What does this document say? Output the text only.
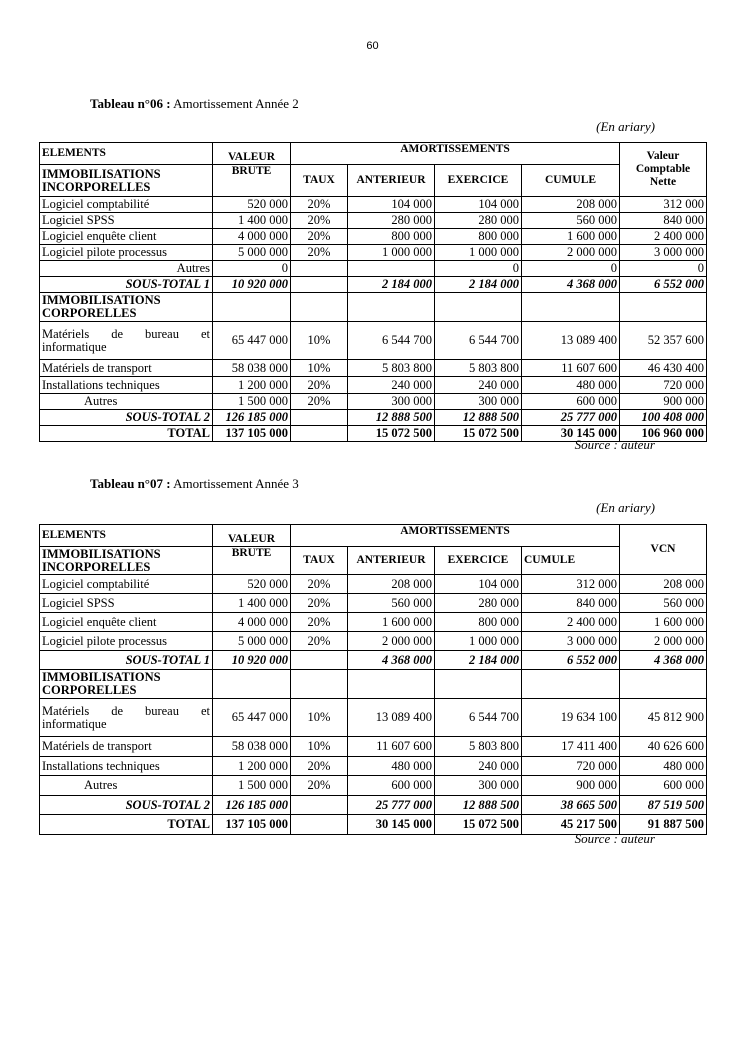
60
Tableau n°06 : Amortissement Année 2
(En ariary)
ELEMENTS	VALEUR	AMORTISSEMENTS				Valeur Comptable Nette
IMMOBILISATIONS INCORPORELLES	BRUTE	TAUX	ANTERIEUR	EXERCICE	CUMULE	
Logiciel comptabilité	520 000	20%	104 000	104 000	208 000	312 000
Logiciel SPSS	1 400 000	20%	280 000	280 000	560 000	840 000
Logiciel enquête client	4 000 000	20%	800 000	800 000	1 600 000	2 400 000
Logiciel pilote processus	5 000 000	20%	1 000 000	1 000 000	2 000 000	3 000 000
Autres	0			0	0	0
SOUS-TOTAL 1	10 920 000		2 184 000	2 184 000	4 368 000	6 552 000
IMMOBILISATIONS CORPORELLES						

Matériels de bureau et informatique	65 447 000	10%	6 544 700	6 544 700	13 089 400	52 357 600
Matériels de transport	58 038 000	10%	5 803 800	5 803 800	11 607 600	46 430 400
Installations techniques	1 200 000	20%	240 000	240 000	480 000	720 000
Autres	1 500 000	20%	300 000	300 000	600 000	900 000
SOUS-TOTAL 2	126 185 000		12 888 500	12 888 500	25 777 000	100 408 000
TOTAL	137 105 000		15 072 500	15 072 500	30 145 000	106 960 000
Source : auteur
Tableau n°07 : Amortissement Année 3
(En ariary)
ELEMENTS	VALEUR	AMORTISSEMENTS				VCN
IMMOBILISATIONS INCORPORELLES	BRUTE	TAUX	ANTERIEUR	EXERCICE	CUMULE	
Logiciel comptabilité	520 000	20%	208 000	104 000	312 000	208 000
Logiciel SPSS	1 400 000	20%	560 000	280 000	840 000	560 000
Logiciel enquête client	4 000 000	20%	1 600 000	800 000	2 400 000	1 600 000
Logiciel pilote processus	5 000 000	20%	2 000 000	1 000 000	3 000 000	2 000 000
SOUS-TOTAL 1	10 920 000		4 368 000	2 184 000	6 552 000	4 368 000
IMMOBILISATIONS CORPORELLES						

Matériels de bureau et informatique	65 447 000	10%	13 089 400	6 544 700	19 634 100	45 812 900
Matériels de transport	58 038 000	10%	11 607 600	5 803 800	17 411 400	40 626 600
Installations techniques	1 200 000	20%	480 000	240 000	720 000	480 000
Autres	1 500 000	20%	600 000	300 000	900 000	600 000
SOUS-TOTAL 2	126 185 000		25 777 000	12 888 500	38 665 500	87 519 500
TOTAL	137 105 000		30 145 000	15 072 500	45 217 500	91 887 500
Source : auteur
